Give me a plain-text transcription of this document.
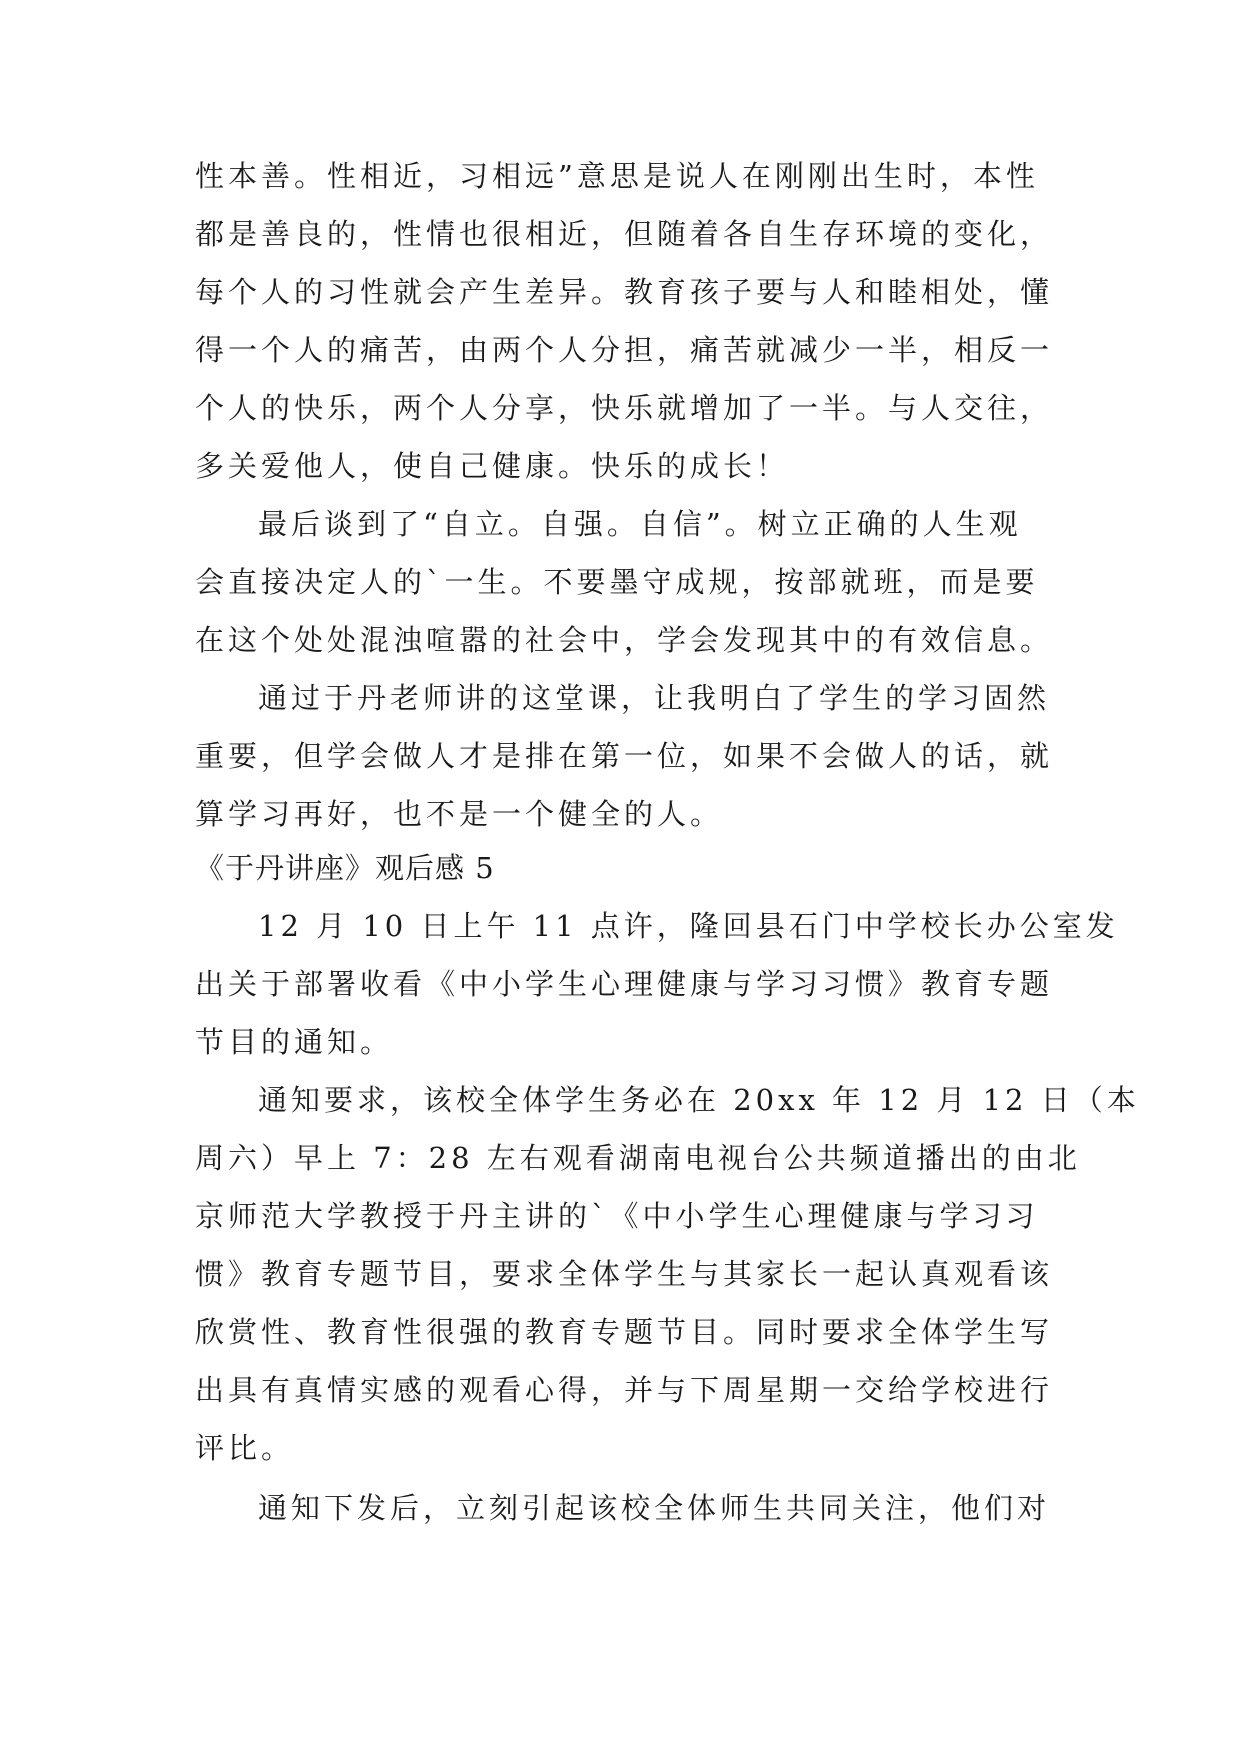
性本善。性相近，习相远”意思是说人在刚刚出生时，本性
都是善良的，性情也很相近，但随着各自生存环境的变化，
每个人的习性就会产生差异。教育孩子要与人和睦相处，懂
得一个人的痛苦，由两个人分担，痛苦就减少一半，相反一
个人的快乐，两个人分享，快乐就增加了一半。与人交往，
多关爱他人，使自己健康。快乐的成长！
最后谈到了“自立。自强。自信”。树立正确的人生观
会直接决定人的`一生。不要墨守成规，按部就班，而是要
在这个处处混浊喧嚣的社会中，学会发现其中的有效信息。
通过于丹老师讲的这堂课，让我明白了学生的学习固然
重要，但学会做人才是排在第一位，如果不会做人的话，就
算学习再好，也不是一个健全的人。
《于丹讲座》观后感 5
12 月 10 日上午 11 点许，隆回县石门中学校长办公室发
出关于部署收看《中小学生心理健康与学习习惯》教育专题
节目的通知。
通知要求，该校全体学生务必在 20xx 年 12 月 12 日（本
周六）早上 7：28 左右观看湖南电视台公共频道播出的由北
京师范大学教授于丹主讲的`《中小学生心理健康与学习习
惯》教育专题节目，要求全体学生与其家长一起认真观看该
欣赏性、教育性很强的教育专题节目。同时要求全体学生写
出具有真情实感的观看心得，并与下周星期一交给学校进行
评比。
通知下发后，立刻引起该校全体师生共同关注，他们对
